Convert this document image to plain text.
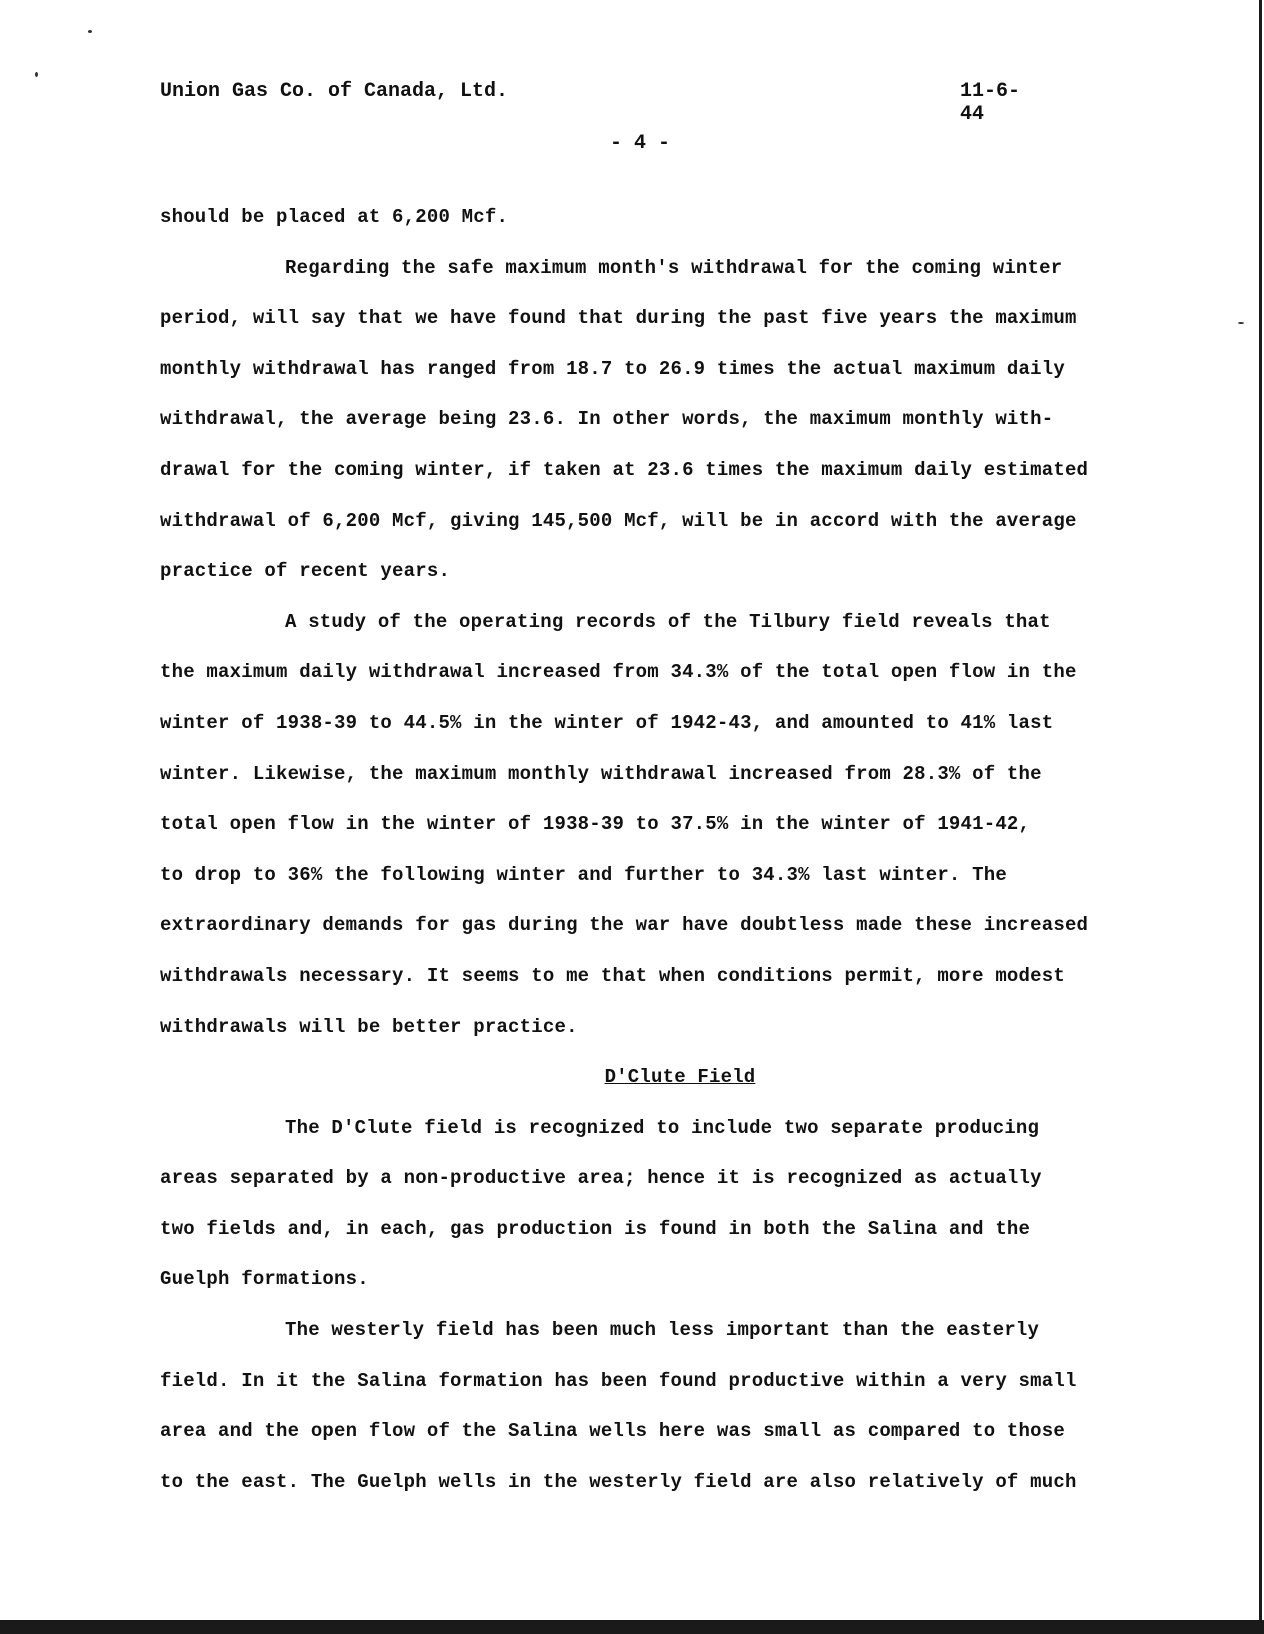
Union Gas Co. of Canada, Ltd.	11-6-44
- 4 -

should be placed at 6,200 Mcf.

Regarding the safe maximum month's withdrawal for the coming winter
period, will say that we have found that during the past five years the maximum
monthly withdrawal has ranged from 18.7 to 26.9 times the actual maximum daily
withdrawal, the average being 23.6. In other words, the maximum monthly with-
drawal for the coming winter, if taken at 23.6 times the maximum daily estimated
withdrawal of 6,200 Mcf, giving 145,500 Mcf, will be in accord with the average
practice of recent years.

A study of the operating records of the Tilbury field reveals that
the maximum daily withdrawal increased from 34.3% of the total open flow in the
winter of 1938-39 to 44.5% in the winter of 1942-43, and amounted to 41% last
winter. Likewise, the maximum monthly withdrawal increased from 28.3% of the
total open flow in the winter of 1938-39 to 37.5% in the winter of 1941-42,
to drop to 36% the following winter and further to 34.3% last winter. The
extraordinary demands for gas during the war have doubtless made these increased
withdrawals necessary. It seems to me that when conditions permit, more modest
withdrawals will be better practice.

D'Clute Field

The D'Clute field is recognized to include two separate producing
areas separated by a non-productive area; hence it is recognized as actually
two fields and, in each, gas production is found in both the Salina and the
Guelph formations.

The westerly field has been much less important than the easterly
field. In it the Salina formation has been found productive within a very small
area and the open flow of the Salina wells here was small as compared to those
to the east. The Guelph wells in the westerly field are also relatively of much
